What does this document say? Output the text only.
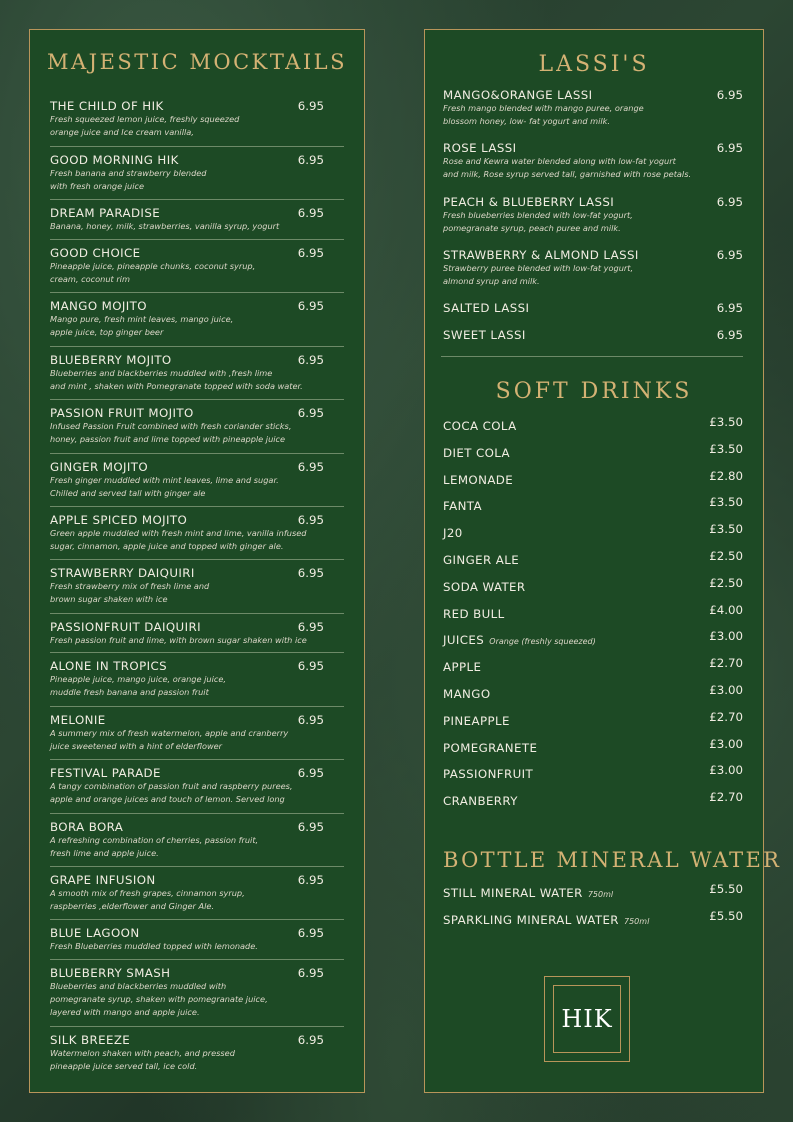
MAJESTIC MOCKTAILS
THE CHILD OF HIK	6.95
Fresh squeezed lemon juice, freshly squeezed
orange juice and Ice cream vanilla,
GOOD MORNING HIK	6.95
Fresh banana and strawberry blended
with fresh orange juice
DREAM PARADISE	6.95
Banana, honey, milk, strawberries, vanilla syrup, yogurt
GOOD CHOICE	6.95
Pineapple juice, pineapple chunks, coconut syrup,
cream, coconut rim
MANGO MOJITO	6.95
Mango pure, fresh mint leaves, mango juice,
apple juice, top ginger beer
BLUEBERRY MOJITO	6.95
Blueberries and blackberries muddled with ,fresh lime
and mint , shaken with Pomegranate topped with soda water.
PASSION FRUIT MOJITO	6.95
Infused Passion Fruit combined with fresh coriander sticks,
honey, passion fruit and lime topped with pineapple juice
GINGER MOJITO	6.95
Fresh ginger muddled with mint leaves, lime and sugar.
Chilled and served tall with ginger ale
APPLE SPICED MOJITO	6.95
Green apple muddled with fresh mint and lime, vanilla infused
sugar, cinnamon, apple juice and topped with ginger ale.
STRAWBERRY DAIQUIRI	6.95
Fresh strawberry mix of fresh lime and
brown sugar shaken with ice
PASSIONFRUIT DAIQUIRI	6.95
Fresh passion fruit and lime, with brown sugar shaken with ice
ALONE IN TROPICS	6.95
Pineapple juice, mango juice, orange juice,
muddle fresh banana and passion fruit
MELONIE	6.95
A summery mix of fresh watermelon, apple and cranberry
juice sweetened with a hint of elderflower
FESTIVAL PARADE	6.95
A tangy combination of passion fruit and raspberry purees,
apple and orange juices and touch of lemon. Served long
BORA BORA	6.95
A refreshing combination of cherries, passion fruit,
fresh lime and apple juice.
GRAPE INFUSION	6.95
A smooth mix of fresh grapes, cinnamon syrup,
raspberries ,elderflower and Ginger Ale.
BLUE LAGOON	6.95
Fresh Blueberries muddled topped with lemonade.
BLUEBERRY SMASH	6.95
Blueberries and blackberries muddled with
pomegranate syrup, shaken with pomegranate juice,
layered with mango and apple juice.
SILK BREEZE	6.95
Watermelon shaken with peach, and pressed
pineapple juice served tall, ice cold.
LASSI'S
MANGO&ORANGE LASSI	6.95
Fresh mango blended with mango puree, orange
blossom honey, low- fat yogurt and milk.
ROSE LASSI	6.95
Rose and Kewra water blended along with low-fat yogurt
and milk, Rose syrup served tall, garnished with rose petals.
PEACH & BLUEBERRY LASSI	6.95
Fresh blueberries blended with low-fat yogurt,
pomegranate syrup, peach puree and milk.
STRAWBERRY & ALMOND LASSI	6.95
Strawberry puree blended with low-fat yogurt,
almond syrup and milk.
SALTED LASSI	6.95
SWEET LASSI	6.95
SOFT DRINKS
COCA COLA	£3.50
DIET COLA	£3.50
LEMONADE	£2.80
FANTA	£3.50
J20	£3.50
GINGER ALE	£2.50
SODA WATER	£2.50
RED BULL	£4.00
JUICES Orange (freshly squeezed)	£3.00
APPLE	£2.70
MANGO	£3.00
PINEAPPLE	£2.70
POMEGRANETE	£3.00
PASSIONFRUIT	£3.00
CRANBERRY	£2.70
BOTTLE MINERAL WATER
STILL MINERAL WATER 750ml	£5.50
SPARKLING MINERAL WATER 750ml	£5.50
HIK
